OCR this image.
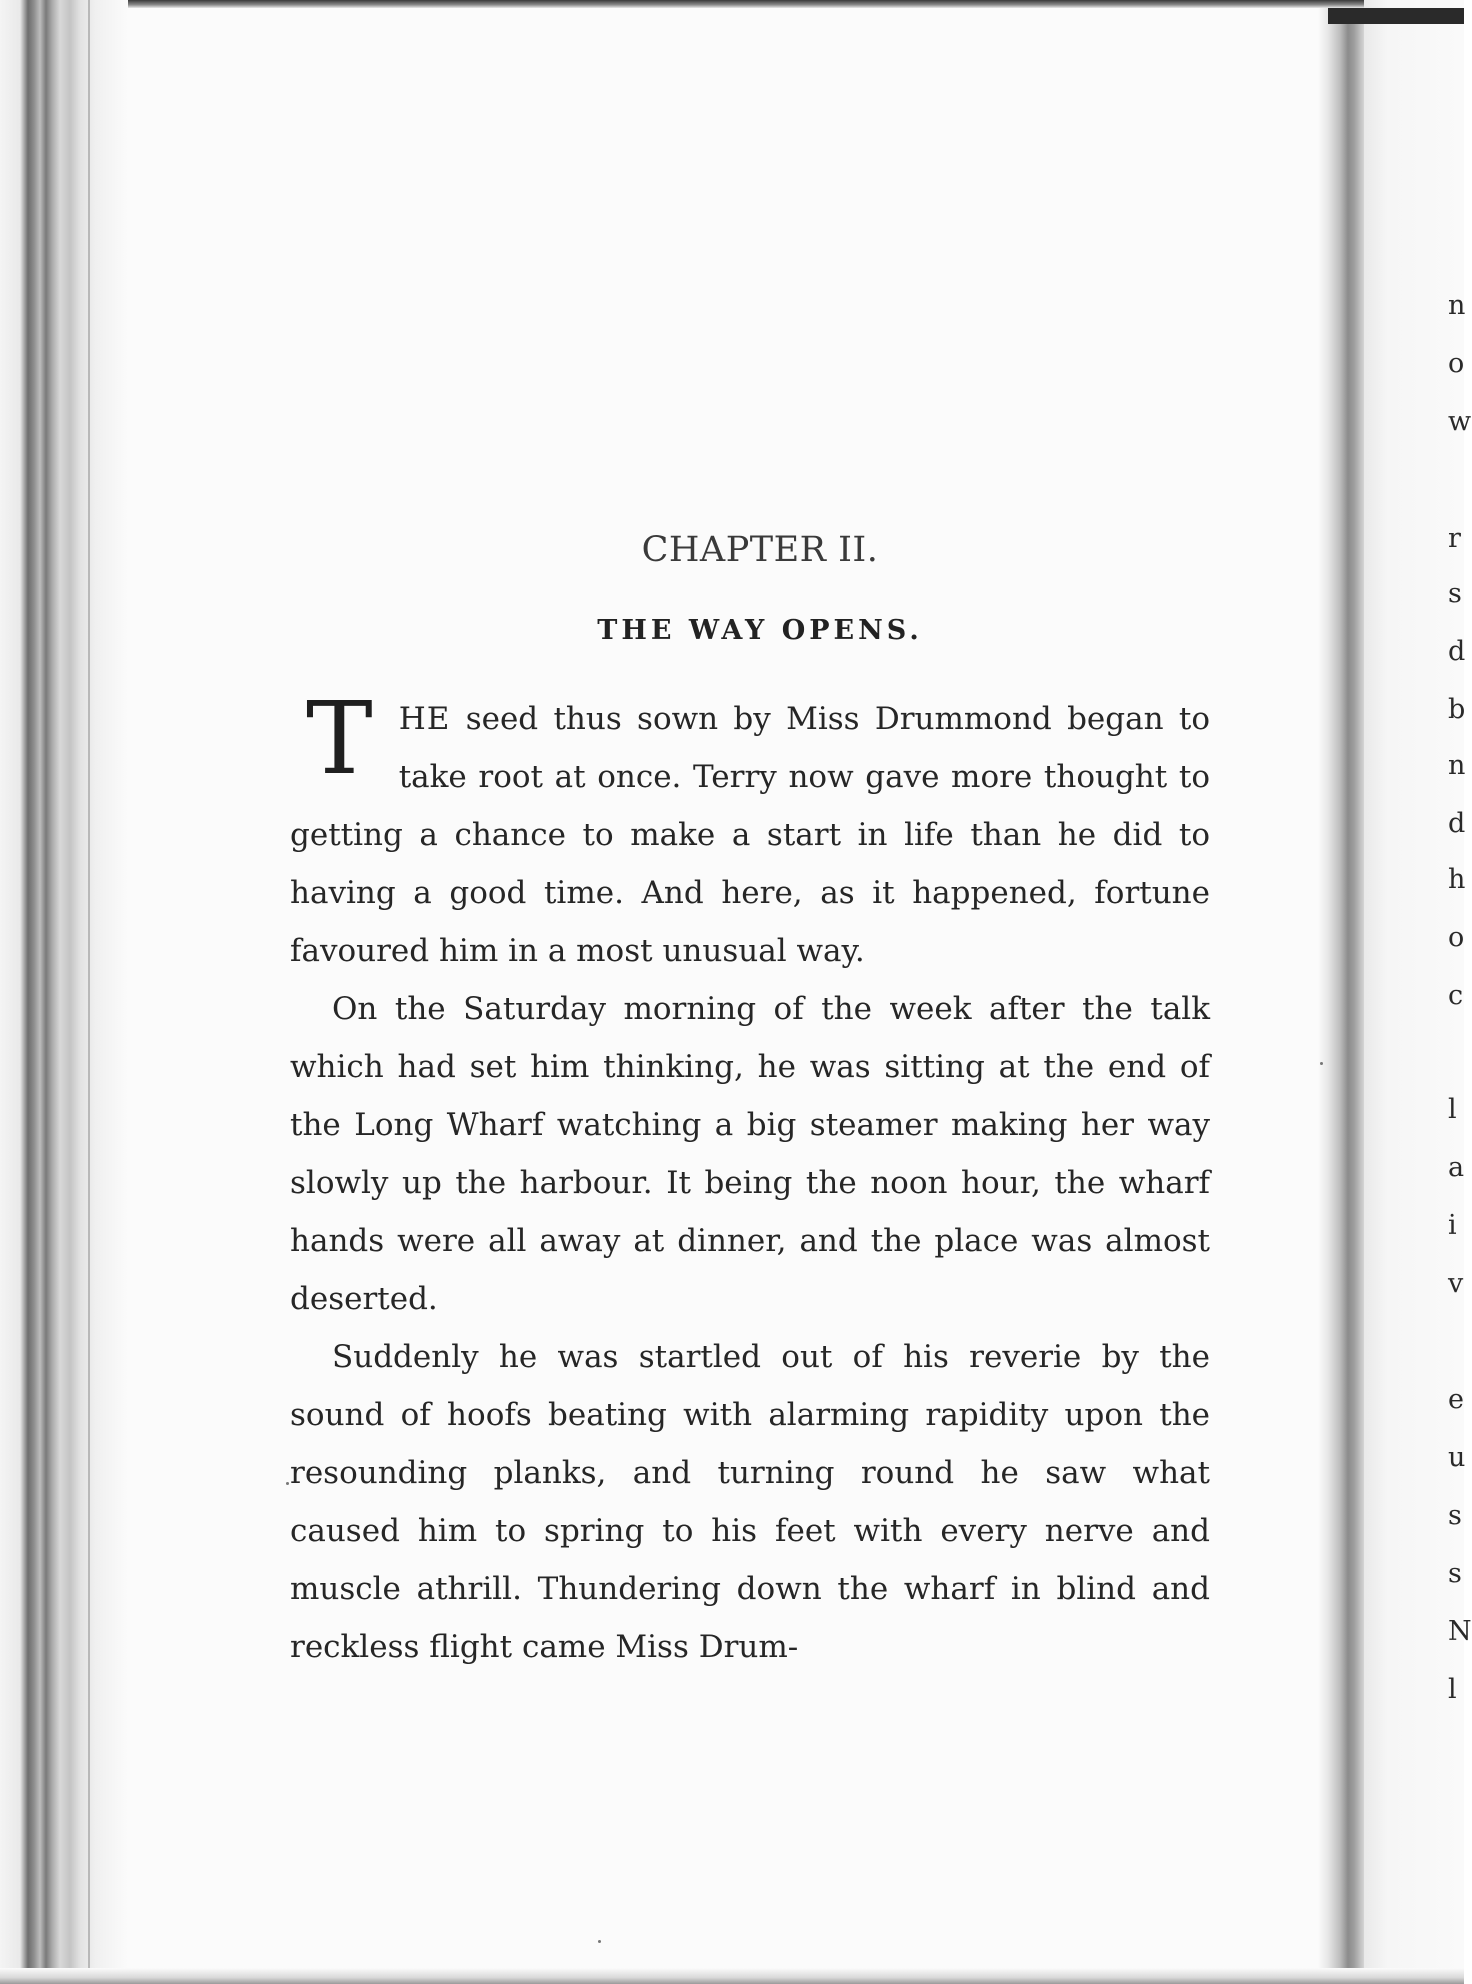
n
o
w
r
s
d
b
n
d
h
o
c
l
a
i
v
e
u
s
s
N
l
CHAPTER II.
THE WAY OPENS.

THE seed thus sown by Miss Drummond began to take root at once. Terry now gave more thought to getting a chance to make a start in life than he did to having a good time. And here, as it happened, fortune favoured him in a most unusual way.

On the Saturday morning of the week after the talk which had set him thinking, he was sitting at the end of the Long Wharf watching a big steamer making her way slowly up the harbour. It being the noon hour, the wharf hands were all away at dinner, and the place was almost deserted.

Suddenly he was startled out of his reverie by the sound of hoofs beating with alarming rapidity upon the resounding planks, and turning round he saw what caused him to spring to his feet with every nerve and muscle athrill. Thundering down the wharf in blind and reckless flight came Miss Drum-
